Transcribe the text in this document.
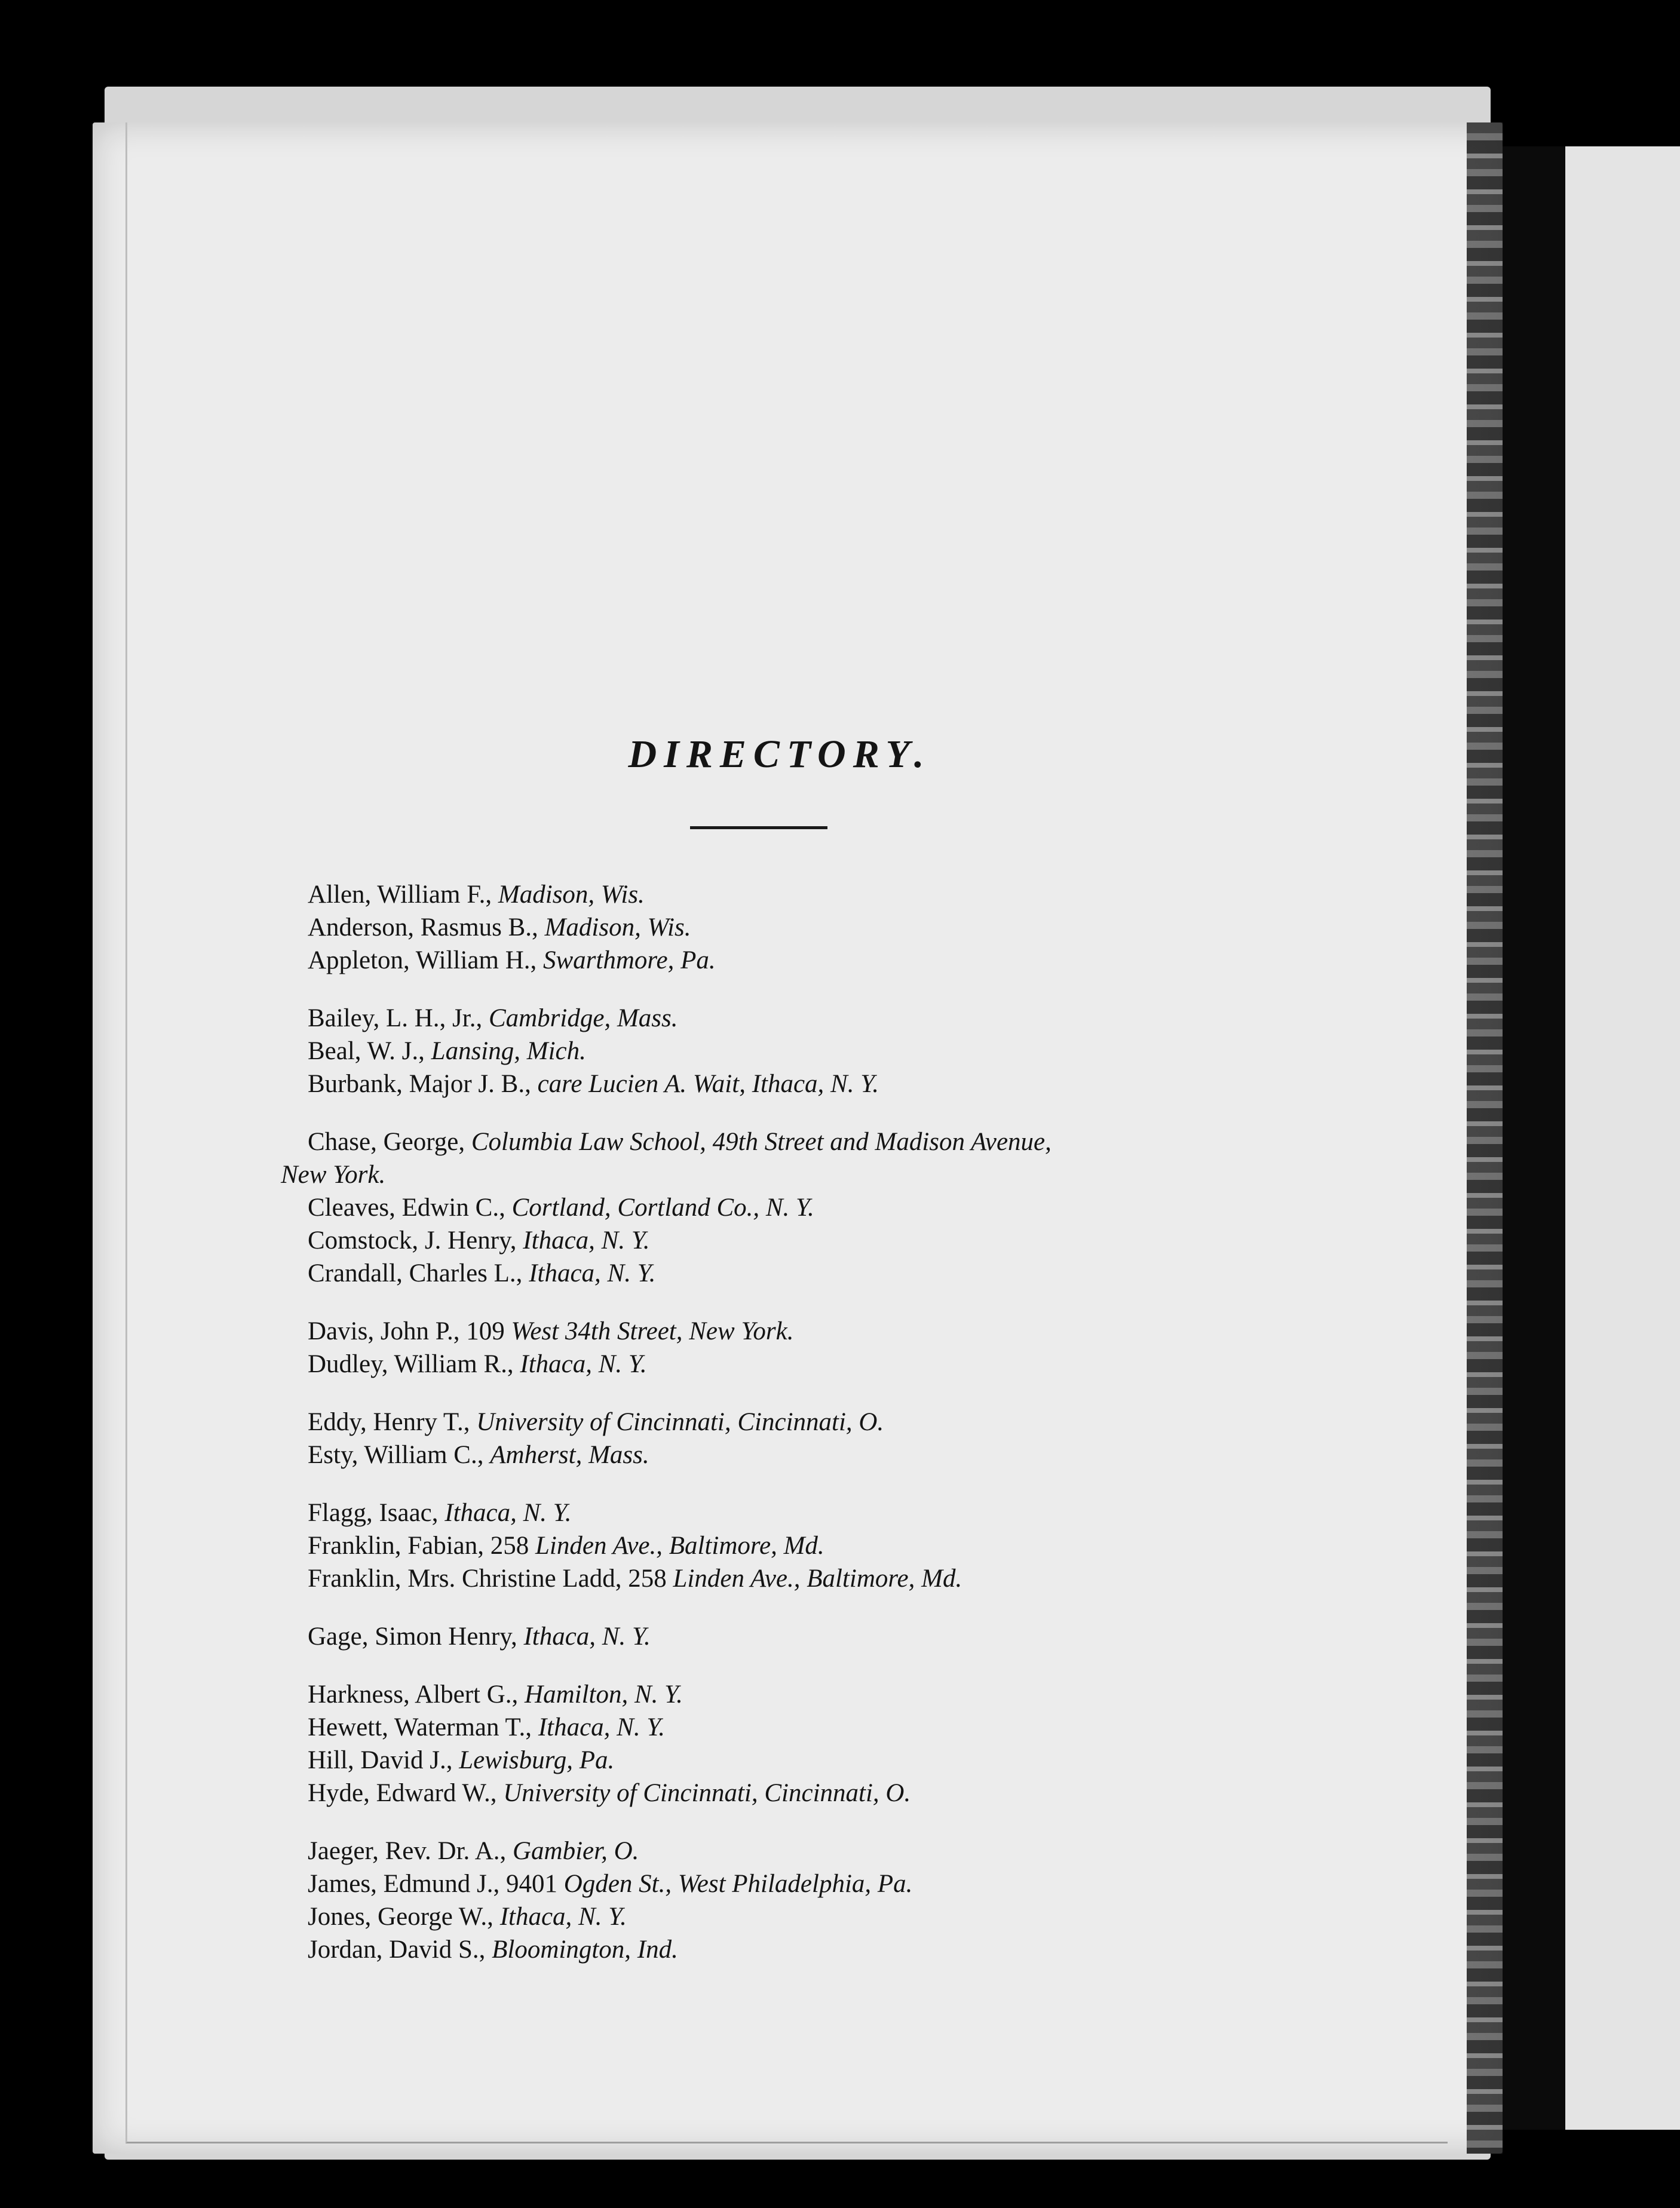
DIRECTORY.

Allen, William F., Madison, Wis.

Anderson, Rasmus B., Madison, Wis.

Appleton, William H., Swarthmore, Pa.

Bailey, L. H., Jr., Cambridge, Mass.

Beal, W. J., Lansing, Mich.

Burbank, Major J. B., care Lucien A. Wait, Ithaca, N. Y.

Chase, George, Columbia Law School, 49th Street and Madison Avenue,

New York.

Cleaves, Edwin C., Cortland, Cortland Co., N. Y.

Comstock, J. Henry, Ithaca, N. Y.

Crandall, Charles L., Ithaca, N. Y.

Davis, John P., 109 West 34th Street, New York.

Dudley, William R., Ithaca, N. Y.

Eddy, Henry T., University of Cincinnati, Cincinnati, O.

Esty, William C., Amherst, Mass.

Flagg, Isaac, Ithaca, N. Y.

Franklin, Fabian, 258 Linden Ave., Baltimore, Md.

Franklin, Mrs. Christine Ladd, 258 Linden Ave., Baltimore, Md.

Gage, Simon Henry, Ithaca, N. Y.

Harkness, Albert G., Hamilton, N. Y.

Hewett, Waterman T., Ithaca, N. Y.

Hill, David J., Lewisburg, Pa.

Hyde, Edward W., University of Cincinnati, Cincinnati, O.

Jaeger, Rev. Dr. A., Gambier, O.

James, Edmund J., 9401 Ogden St., West Philadelphia, Pa.

Jones, George W., Ithaca, N. Y.

Jordan, David S., Bloomington, Ind.
